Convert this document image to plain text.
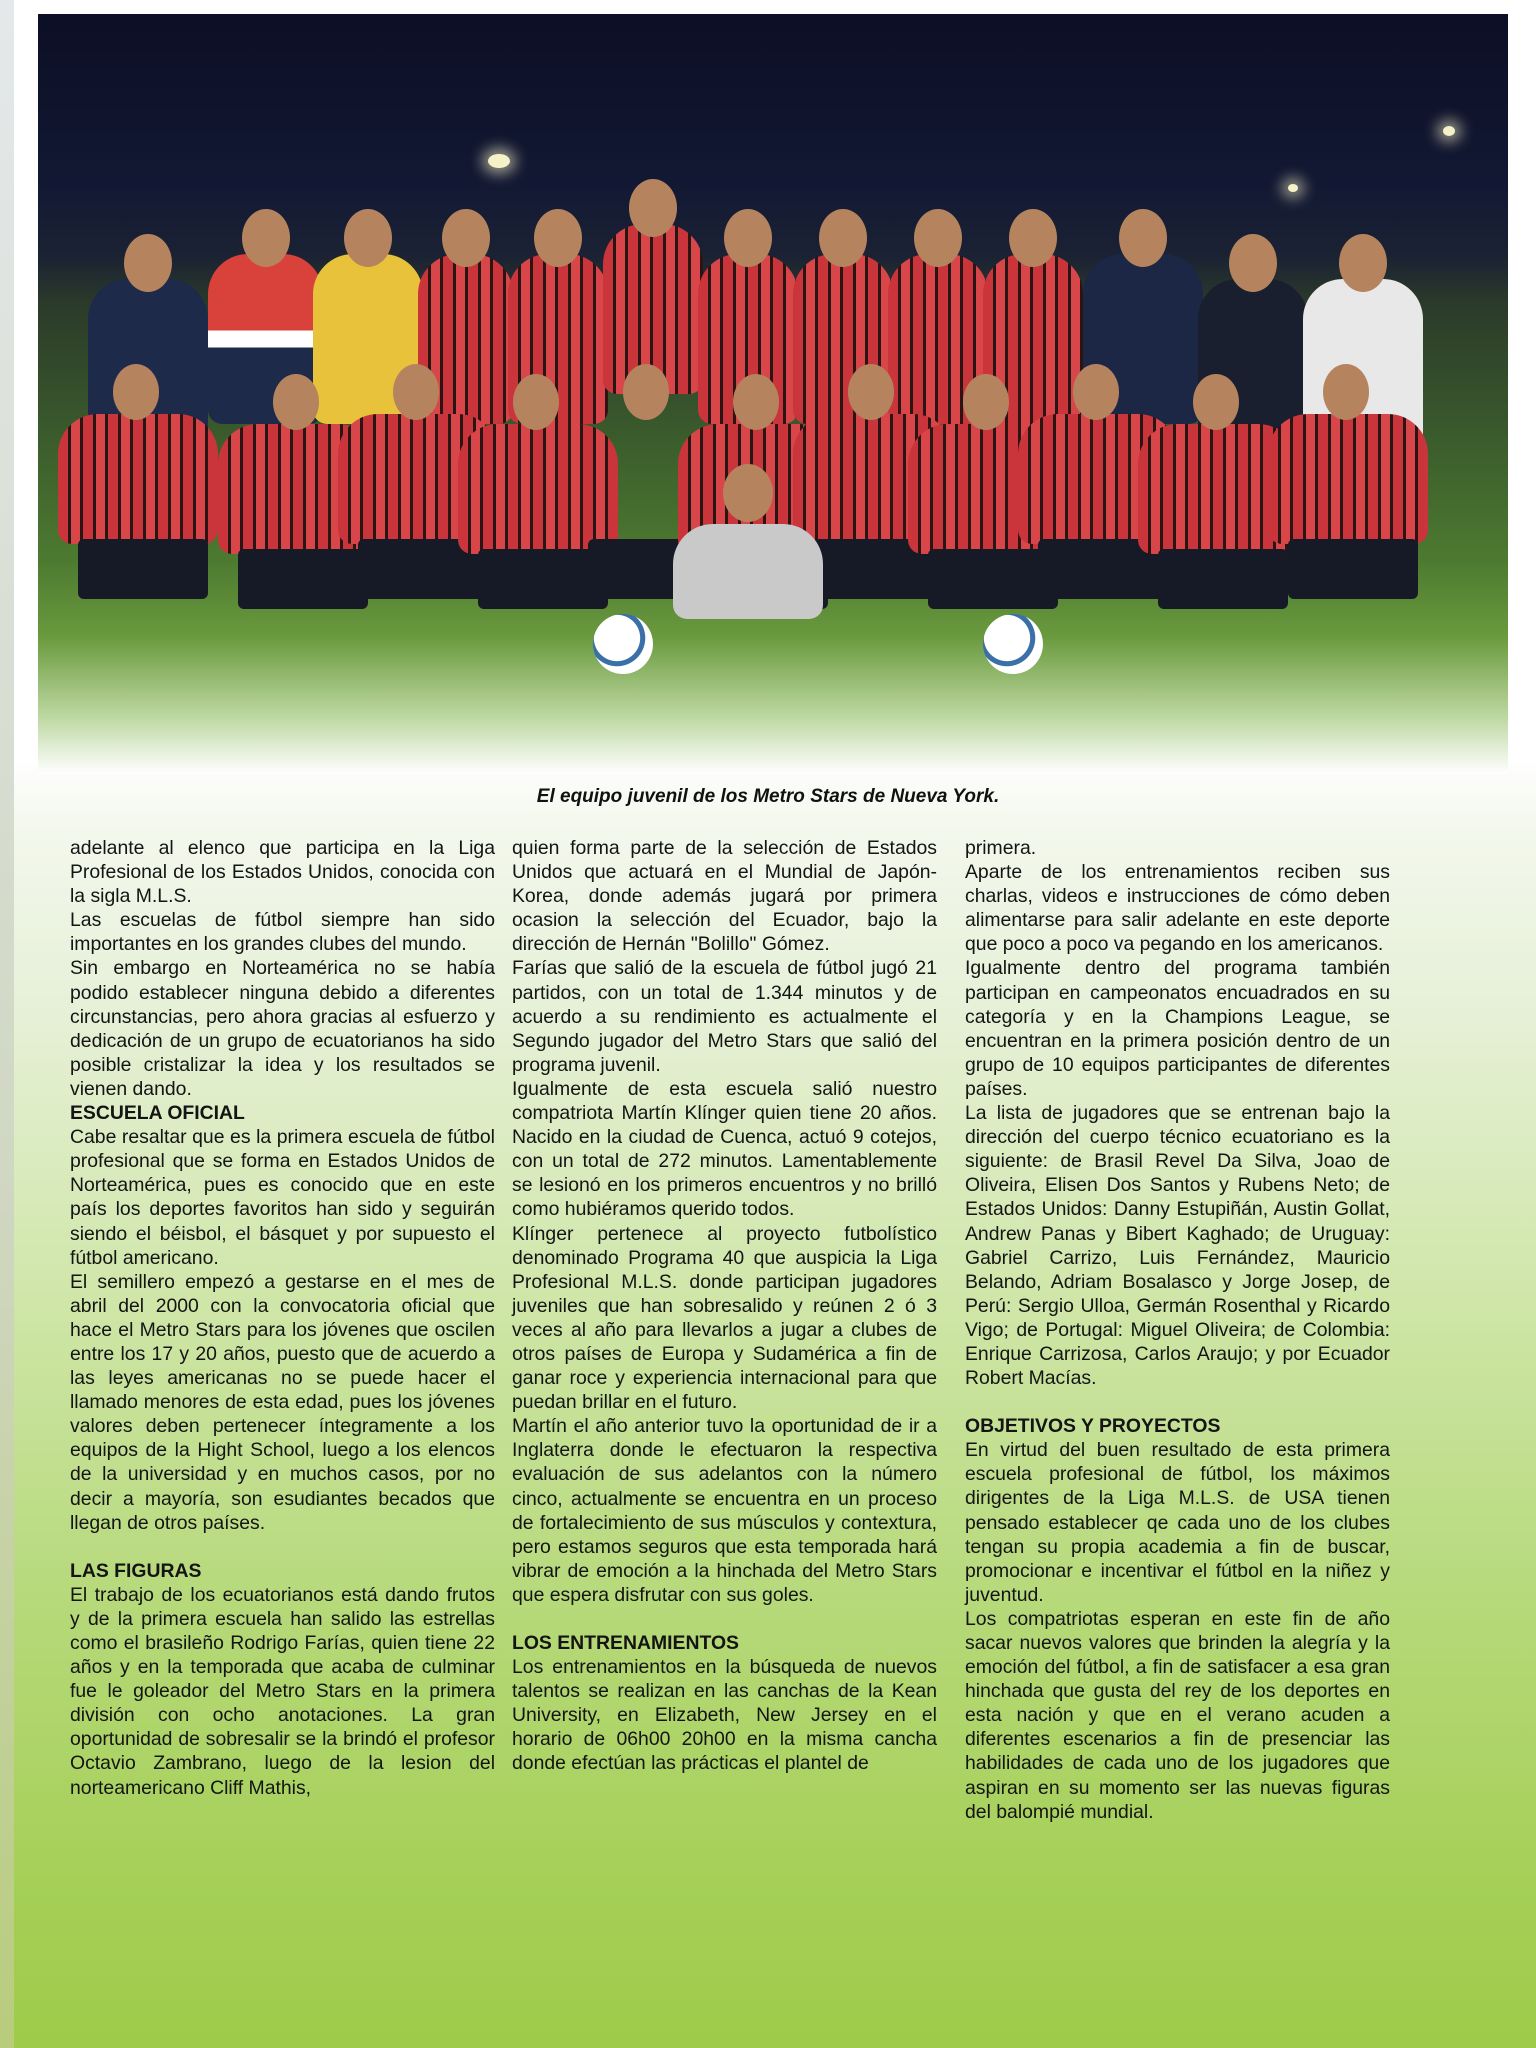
El equipo juvenil de los Metro Stars de Nueva York.

adelante al elenco que participa en la Liga Profesional de los Estados Unidos, conocida con la sigla M.L.S.

Las escuelas de fútbol siempre han sido importantes en los grandes clubes del mundo.

Sin embargo en Norteamérica no se había podido establecer ninguna debido a diferentes circunstancias, pero ahora gracias al esfuerzo y dedicación de un grupo de ecuatorianos ha sido posible cristalizar la idea y los resultados se vienen dando.

ESCUELA OFICIAL

Cabe resaltar que es la primera escuela de fútbol profesional que se forma en Estados Unidos de Norteamérica, pues es conocido que en este país los deportes favoritos han sido y seguirán siendo el béisbol, el básquet y por supuesto el fútbol americano.

El semillero empezó a gestarse en el mes de abril del 2000 con la convocatoria oficial que hace el Metro Stars para los jóvenes que oscilen entre los 17 y 20 años, puesto que de acuerdo a las leyes americanas no se puede hacer el llamado menores de esta edad, pues los jóvenes valores deben pertenecer íntegramente a los equipos de la Hight School, luego a los elencos de la universidad y en muchos casos, por no decir a mayoría, son esudiantes becados que llegan de otros países.

LAS FIGURAS

El trabajo de los ecuatorianos está dando frutos y de la primera escuela han salido las estrellas como el brasileño Rodrigo Farías, quien tiene 22 años y en la temporada que acaba de culminar fue le goleador del Metro Stars en la primera división con ocho anotaciones. La gran oportunidad de sobresalir se la brindó el profesor Octavio Zambrano, luego de la lesion del norteamericano Cliff Mathis,

quien forma parte de la selección de Estados Unidos que actuará en el Mundial de Japón-Korea, donde además jugará por primera ocasion la selección del Ecuador, bajo la dirección de Hernán "Bolillo" Gómez.

Farías que salió de la escuela de fútbol jugó 21 partidos, con un total de 1.344 minutos y de acuerdo a su rendimiento es actualmente el Segundo jugador del Metro Stars que salió del programa juvenil.

Igualmente de esta escuela salió nuestro compatriota Martín Klínger quien tiene 20 años. Nacido en la ciudad de Cuenca, actuó 9 cotejos, con un total de 272 minutos. Lamentablemente se lesionó en los primeros encuentros y no brilló como hubiéramos querido todos.

Klínger pertenece al proyecto futbolístico denominado Programa 40 que auspicia la Liga Profesional M.L.S. donde participan jugadores juveniles que han sobresalido y reúnen 2 ó 3 veces al año para llevarlos a jugar a clubes de otros países de Europa y Sudamérica a fin de ganar roce y experiencia internacional para que puedan brillar en el futuro.

Martín el año anterior tuvo la oportunidad de ir a Inglaterra donde le efectuaron la respectiva evaluación de sus adelantos con la número cinco, actualmente se encuentra en un proceso de fortalecimiento de sus músculos y contextura, pero estamos seguros que esta temporada hará vibrar de emoción a la hinchada del Metro Stars que espera disfrutar con sus goles.

LOS ENTRENAMIENTOS

Los entrenamientos en la búsqueda de nuevos talentos se realizan en las canchas de la Kean University, en Elizabeth, New Jersey en el horario de 06h00 20h00 en la misma cancha donde efectúan las prácticas el plantel de

primera.

Aparte de los entrenamientos reciben sus charlas, videos e instrucciones de cómo deben alimentarse para salir adelante en este deporte que poco a poco va pegando en los americanos.

Igualmente dentro del programa también participan en campeonatos encuadrados en su categoría y en la Champions League, se encuentran en la primera posición dentro de un grupo de 10 equipos participantes de diferentes países.

La lista de jugadores que se entrenan bajo la dirección del cuerpo técnico ecuatoriano es la siguiente: de Brasil Revel Da Silva, Joao de Oliveira, Elisen Dos Santos y Rubens Neto; de Estados Unidos: Danny Estupiñán, Austin Gollat, Andrew Panas y Bibert Kaghado; de Uruguay: Gabriel Carrizo, Luis Fernández, Mauricio Belando, Adriam Bosalasco y Jorge Josep, de Perú: Sergio Ulloa, Germán Rosenthal y Ricardo Vigo; de Portugal: Miguel Oliveira; de Colombia: Enrique Carrizosa, Carlos Araujo; y por Ecuador Robert Macías.

OBJETIVOS Y PROYECTOS

En virtud del buen resultado de esta primera escuela profesional de fútbol, los máximos dirigentes de la Liga M.L.S. de USA tienen pensado establecer qe cada uno de los clubes tengan su propia academia a fin de buscar, promocionar e incentivar el fútbol en la niñez y juventud.

Los compatriotas esperan en este fin de año sacar nuevos valores que brinden la alegría y la emoción del fútbol, a fin de satisfacer a esa gran hinchada que gusta del rey de los deportes en esta nación y que en el verano acuden a diferentes escenarios a fin de presenciar las habilidades de cada uno de los jugadores que aspiran en su momento ser las nuevas figuras del balompié mundial.
